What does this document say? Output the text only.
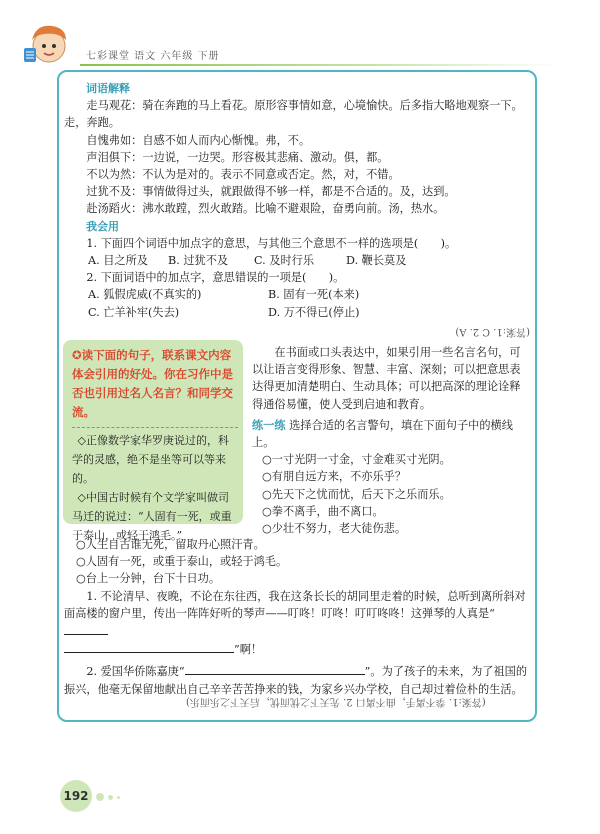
七彩课堂 语文 六年级 下册

词语解释

走马观花：骑在奔跑的马上看花。原形容事情如意，心境愉快。后多指大略地观察一下。走，奔跑。

自愧弗如：自感不如人而内心惭愧。弗，不。

声泪俱下：一边说，一边哭。形容极其悲痛、激动。俱，都。

不以为然：不认为是对的。表示不同意或否定。然，对，不错。

过犹不及：事情做得过头，就跟做得不够一样，都是不合适的。及，达到。

赴汤蹈火：沸水敢蹚，烈火敢踏。比喻不避艰险，奋勇向前。汤，热水。

我会用

1. 下面四个词语中加点字的意思，与其他三个意思不一样的选项是(　　)。

A. 目之所及	B. 过犹不及	C. 及时行乐	D. 鞭长莫及

2. 下面词语中的加点字，意思错误的一项是(　　)。

A. 狐假虎威(不真实的)	B. 固有一死(本来)

C. 亡羊补牢(失去)	D. 万不得已(停止)

(答案:1. C 2. A)
✪读下面的句子，联系课文内容体会引用的好处。你在习作中是否也引用过名人名言？和同学交流。
◇正像数学家华罗庚说过的，科学的灵感，绝不是坐等可以等来的。
◇中国古时候有个文学家叫做司马迁的说过：“人固有一死，或重于泰山，或轻于鸿毛。”

在书面或口头表达中，如果引用一些名言名句，可以让语言变得形象、智慧、丰富、深刻；可以把意思表达得更加清楚明白、生动具体；可以把高深的理论诠释得通俗易懂，使人受到启迪和教育。

练一练 选择合适的名言警句，填在下面句子中的横线上。

○一寸光阴一寸金，寸金难买寸光阴。

○有朋自远方来，不亦乐乎？

○先天下之忧而忧，后天下之乐而乐。

○拳不离手，曲不离口。

○少壮不努力，老大徒伤悲。

○人生自古谁无死，留取丹心照汗青。

○人固有一死，或重于泰山，或轻于鸿毛。

○台上一分钟，台下十日功。

1. 不论清早、夜晚，不论在东往西，我在这条长长的胡同里走着的时候，总听到离所斜对面高楼的窗户里，传出一阵阵好听的琴声——叮咚！叮咚！叮叮咚咚！这弹琴的人真是“

”啊！

2. 爱国华侨陈嘉庚“	”。为了孩子的未来，为了祖国的振兴，他毫无保留地献出自己辛辛苦苦挣来的钱，为家乡兴办学校，自己却过着俭朴的生活。

(答案:1. 拳不离手，曲不离口 2. 先天下之忧而忧，后天下之乐而乐)
192
